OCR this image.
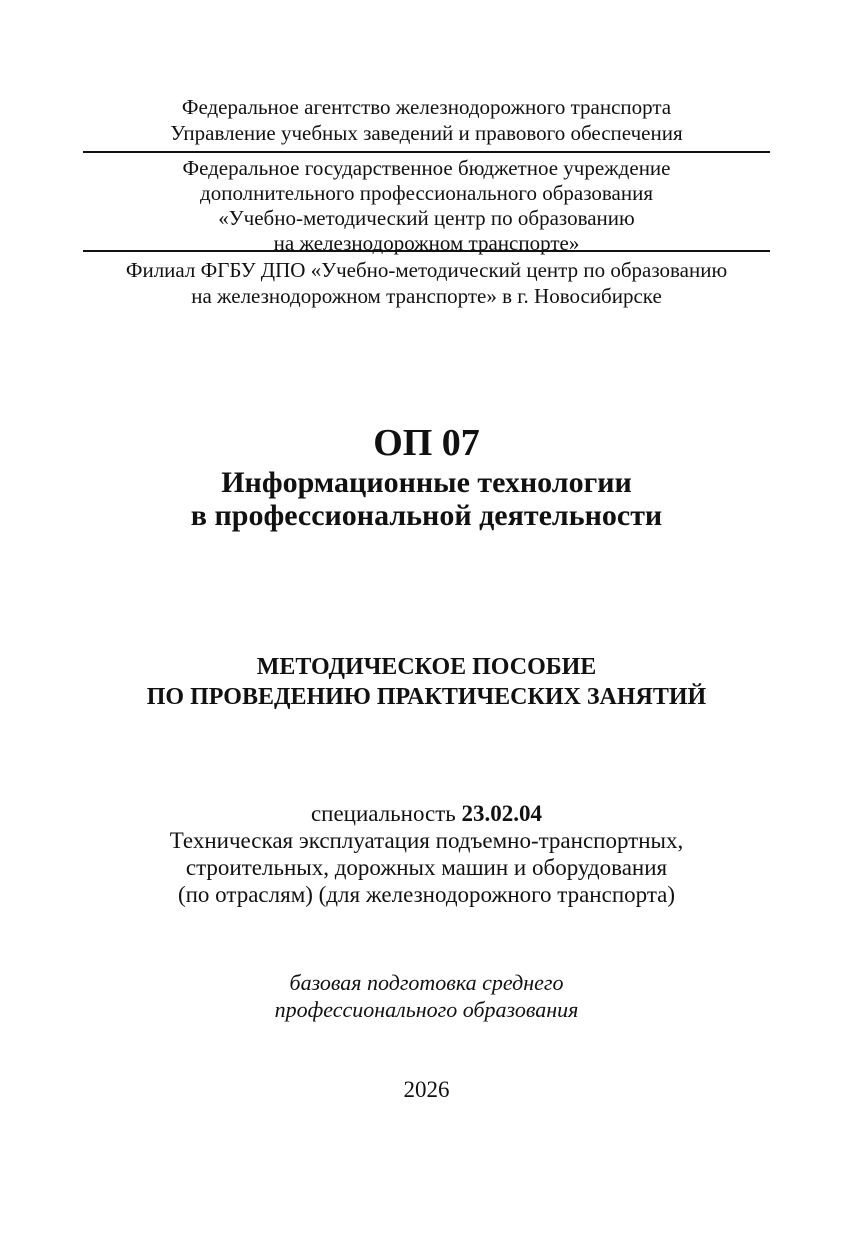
Федеральное агентство железнодорожного транспорта
Управление учебных заведений и правового обеспечения
Федеральное государственное бюджетное учреждение
дополнительного профессионального образования
«Учебно-методический центр по образованию
на железнодорожном транспорте»
Филиал ФГБУ ДПО «Учебно-методический центр по образованию
на железнодорожном транспорте» в г. Новосибирске
ОП 07
Информационные технологии
в профессиональной деятельности
МЕТОДИЧЕСКОЕ ПОСОБИЕ
ПО ПРОВЕДЕНИЮ ПРАКТИЧЕСКИХ ЗАНЯТИЙ
специальность 23.02.04
Техническая эксплуатация подъемно-транспортных,
строительных, дорожных машин и оборудования
(по отраслям) (для железнодорожного транспорта)
базовая подготовка среднего
профессионального образования
2026
